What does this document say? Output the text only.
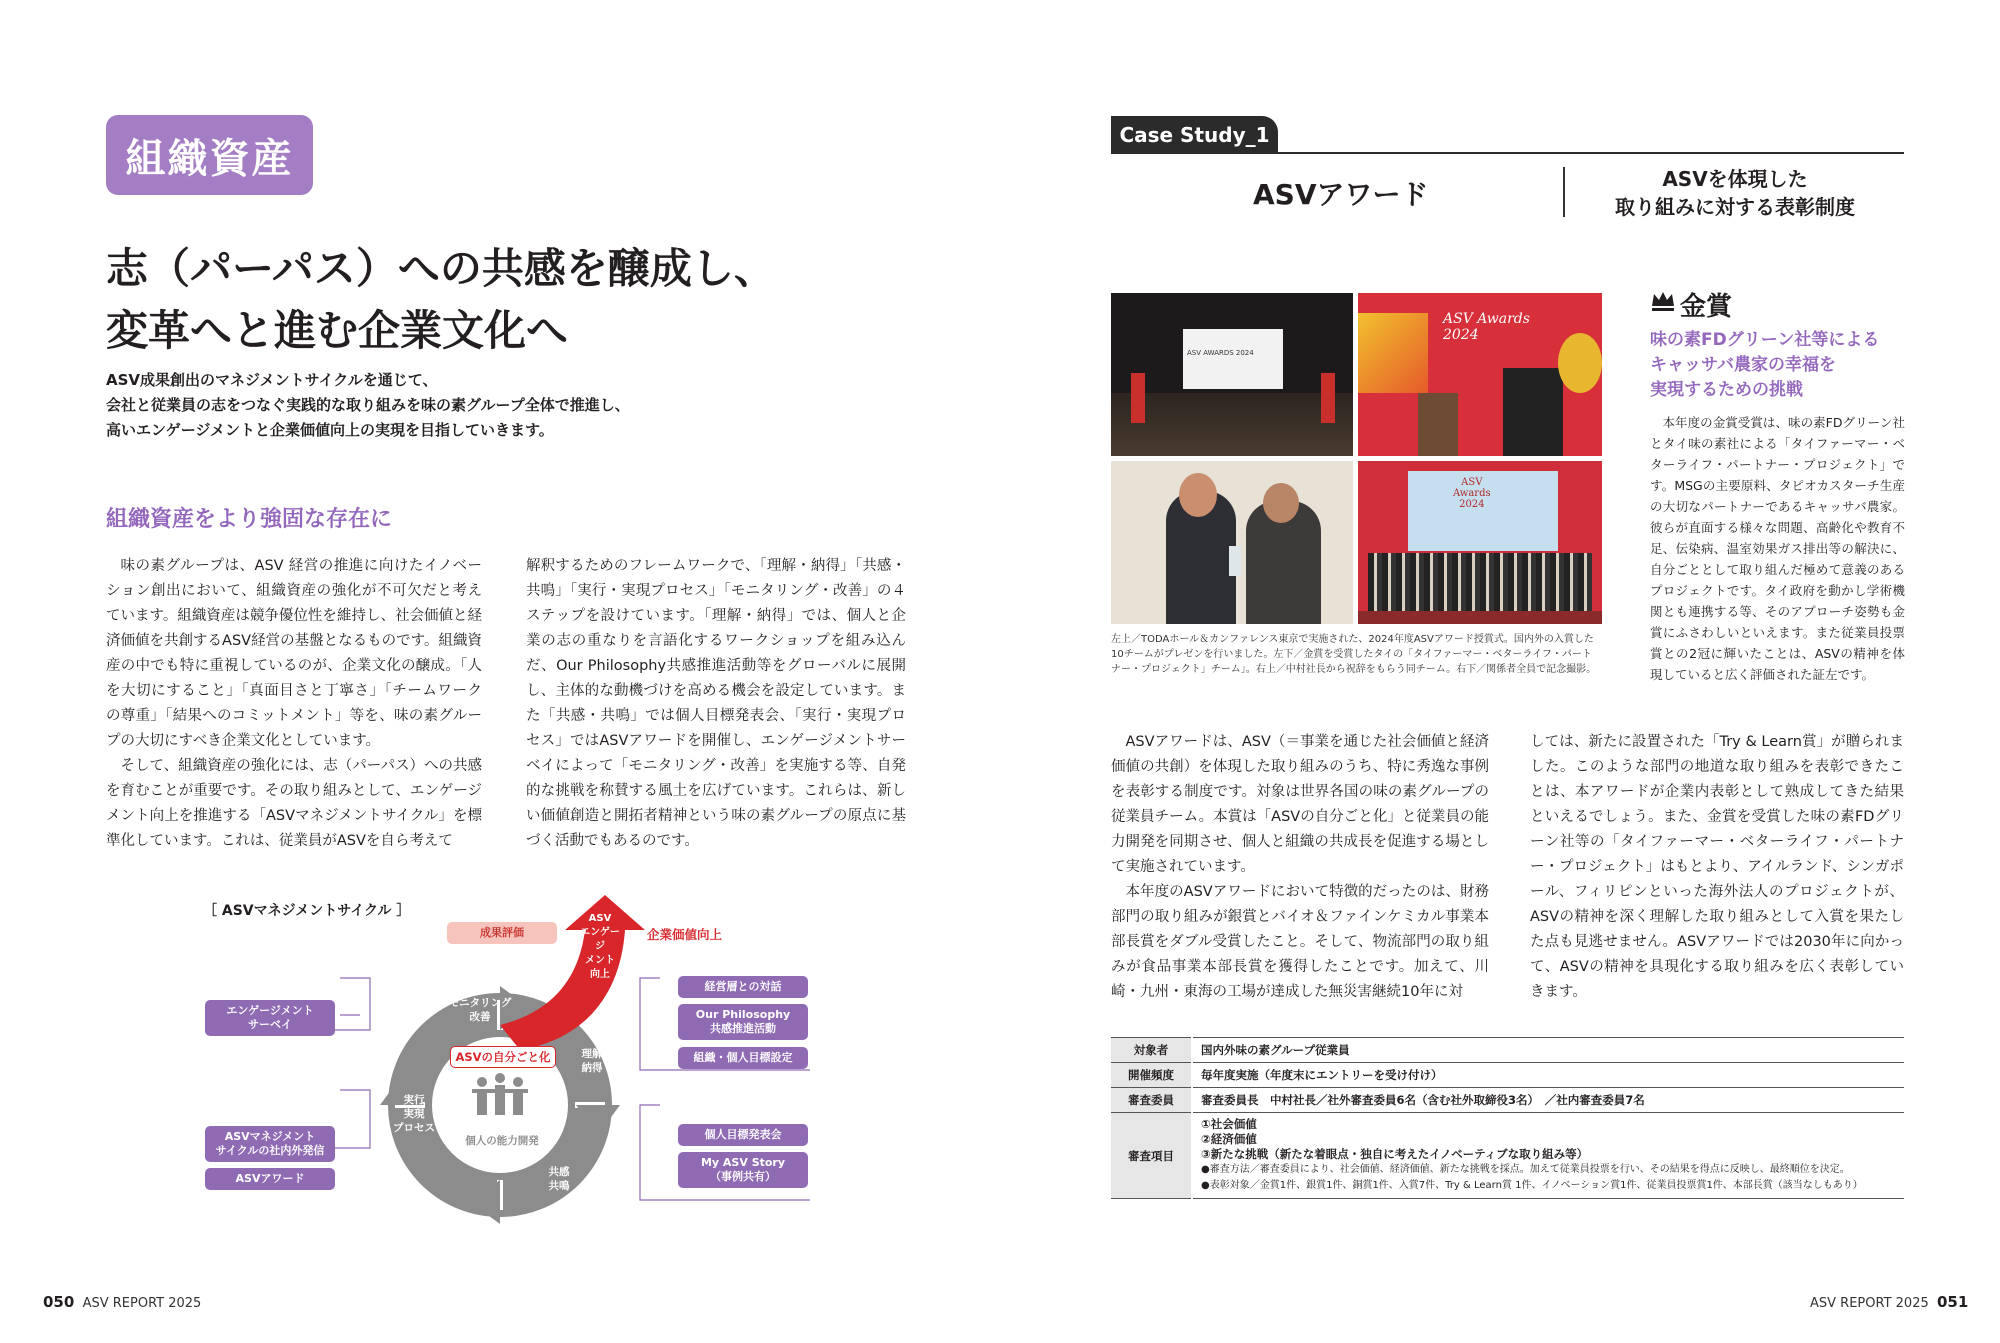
組織資産
志（パーパス）への共感を醸成し、
変革へと進む企業文化へ

ASV成果創出のマネジメントサイクルを通じて、
会社と従業員の志をつなぐ実践的な取り組みを味の素グループ全体で推進し、
高いエンゲージメントと企業価値向上の実現を目指していきます。

組織資産をより強固な存在に

味の素グループは、ASV 経営の推進に向けたイノベーション創出において、組織資産の強化が不可欠だと考えています。組織資産は競争優位性を維持し、社会価値と経済価値を共創するASV経営の基盤となるものです。組織資産の中でも特に重視しているのが、企業文化の醸成。「人を大切にすること」「真面目さと丁寧さ」「チームワークの尊重」「結果へのコミットメント」等を、味の素グループの大切にすべき企業文化としています。

そして、組織資産の強化には、志（パーパス）への共感を育むことが重要です。その取り組みとして、エンゲージメント向上を推進する「ASVマネジメントサイクル」を標準化しています。これは、従業員がASVを自ら考えて

解釈するためのフレームワークで、「理解・納得」「共感・共鳴」「実行・実現プロセス」「モニタリング・改善」の４ステップを設けています。「理解・納得」では、個人と企業の志の重なりを言語化するワークショップを組み込んだ、Our Philosophy共感推進活動等をグローバルに展開し、主体的な動機づけを高める機会を設定しています。また「共感・共鳴」では個人目標発表会、「実行・実現プロセス」ではASVアワードを開催し、エンゲージメントサーベイによって「モニタリング・改善」を実施する等、自発的な挑戦を称賛する風土を広げています。これらは、新しい価値創造と開拓者精神という味の素グループの原点に基づく活動でもあるのです。

［ ASVマネジメントサイクル ］
成果評価
ASV
エンゲージ
メント
向上
企業価値向上
モニタリング
改善
理解
納得
共感
共鳴
実行
実現
プロセス
ASVの自分ごと化
個人の能力開発
エンゲージメント
サーベイ
ASVマネジメント
サイクルの社内外発信
ASVアワード
経営層との対話
Our Philosophy
共感推進活動
組織・個人目標設定
個人目標発表会
My ASV Story
（事例共有）
050 ASV REPORT 2025
Case Study_1
ASVアワード	ASVを体現した
取り組みに対する表彰制度
ASV AWARDS 2024
ASV Awards
2024
ASV
Awards
2024

左上／TODAホール＆カンファレンス東京で実施された、2024年度ASVアワード授賞式。国内外の入賞した10チームがプレゼンを行いました。左下／金賞を受賞したタイの「タイファーマー・ベターライフ・パートナー・プロジェクト」チーム」。右上／中村社長から祝辞をもらう同チーム。右下／関係者全員で記念撮影。

金賞

味の素FDグリーン社等による
キャッサバ農家の幸福を
実現するための挑戦

本年度の金賞受賞は、味の素FDグリーン社とタイ味の素社による「タイファーマー・ベターライフ・パートナー・プロジェクト」です。MSGの主要原料、タピオカスターチ生産の大切なパートナーであるキャッサバ農家。彼らが直面する様々な問題、高齢化や教育不足、伝染病、温室効果ガス排出等の解決に、自分ごととして取り組んだ極めて意義のあるプロジェクトです。タイ政府を動かし学術機関とも連携する等、そのアプローチ姿勢も金賞にふさわしいといえます。また従業員投票賞との2冠に輝いたことは、ASVの精神を体現していると広く評価された証左です。

ASVアワードは、ASV（＝事業を通じた社会価値と経済価値の共創）を体現した取り組みのうち、特に秀逸な事例を表彰する制度です。対象は世界各国の味の素グループの従業員チーム。本賞は「ASVの自分ごと化」と従業員の能力開発を同期させ、個人と組織の共成長を促進する場として実施されています。

本年度のASVアワードにおいて特徴的だったのは、財務部門の取り組みが銀賞とバイオ＆ファインケミカル事業本部長賞をダブル受賞したこと。そして、物流部門の取り組みが食品事業本部長賞を獲得したことです。加えて、川崎・九州・東海の工場が達成した無災害継続10年に対

しては、新たに設置された「Try & Learn賞」が贈られました。このような部門の地道な取り組みを表彰できたことは、本アワードが企業内表彰として熟成してきた結果といえるでしょう。また、金賞を受賞した味の素FDグリーン社等の「タイファーマー・ベターライフ・パートナー・プロジェクト」はもとより、アイルランド、シンガポール、フィリピンといった海外法人のプロジェクトが、ASVの精神を深く理解した取り組みとして入賞を果たした点も見逃せません。ASVアワードでは2030年に向かって、ASVの精神を具現化する取り組みを広く表彰していきます。

対象者	国内外味の素グループ従業員
開催頻度	毎年度実施（年度末にエントリーを受け付け）
審査委員	審査委員長　中村社長／社外審査委員6名（含む社外取締役3名）　／社内審査委員7名
審査項目	①社会価値
②経済価値
③新たな挑戦（新たな着眼点・独自に考えたイノベーティブな取り組み等）
●審査方法／審査委員により、社会価値、経済価値、新たな挑戦を採点。加えて従業員投票を行い、その結果を得点に反映し、最終順位を決定。
●表彰対象／金賞1件、銀賞1件、銅賞1件、入賞7件、Try & Learn賞 1件、イノベーション賞1件、従業員投票賞1件、本部長賞（該当なしもあり）
ASV REPORT 2025 051
